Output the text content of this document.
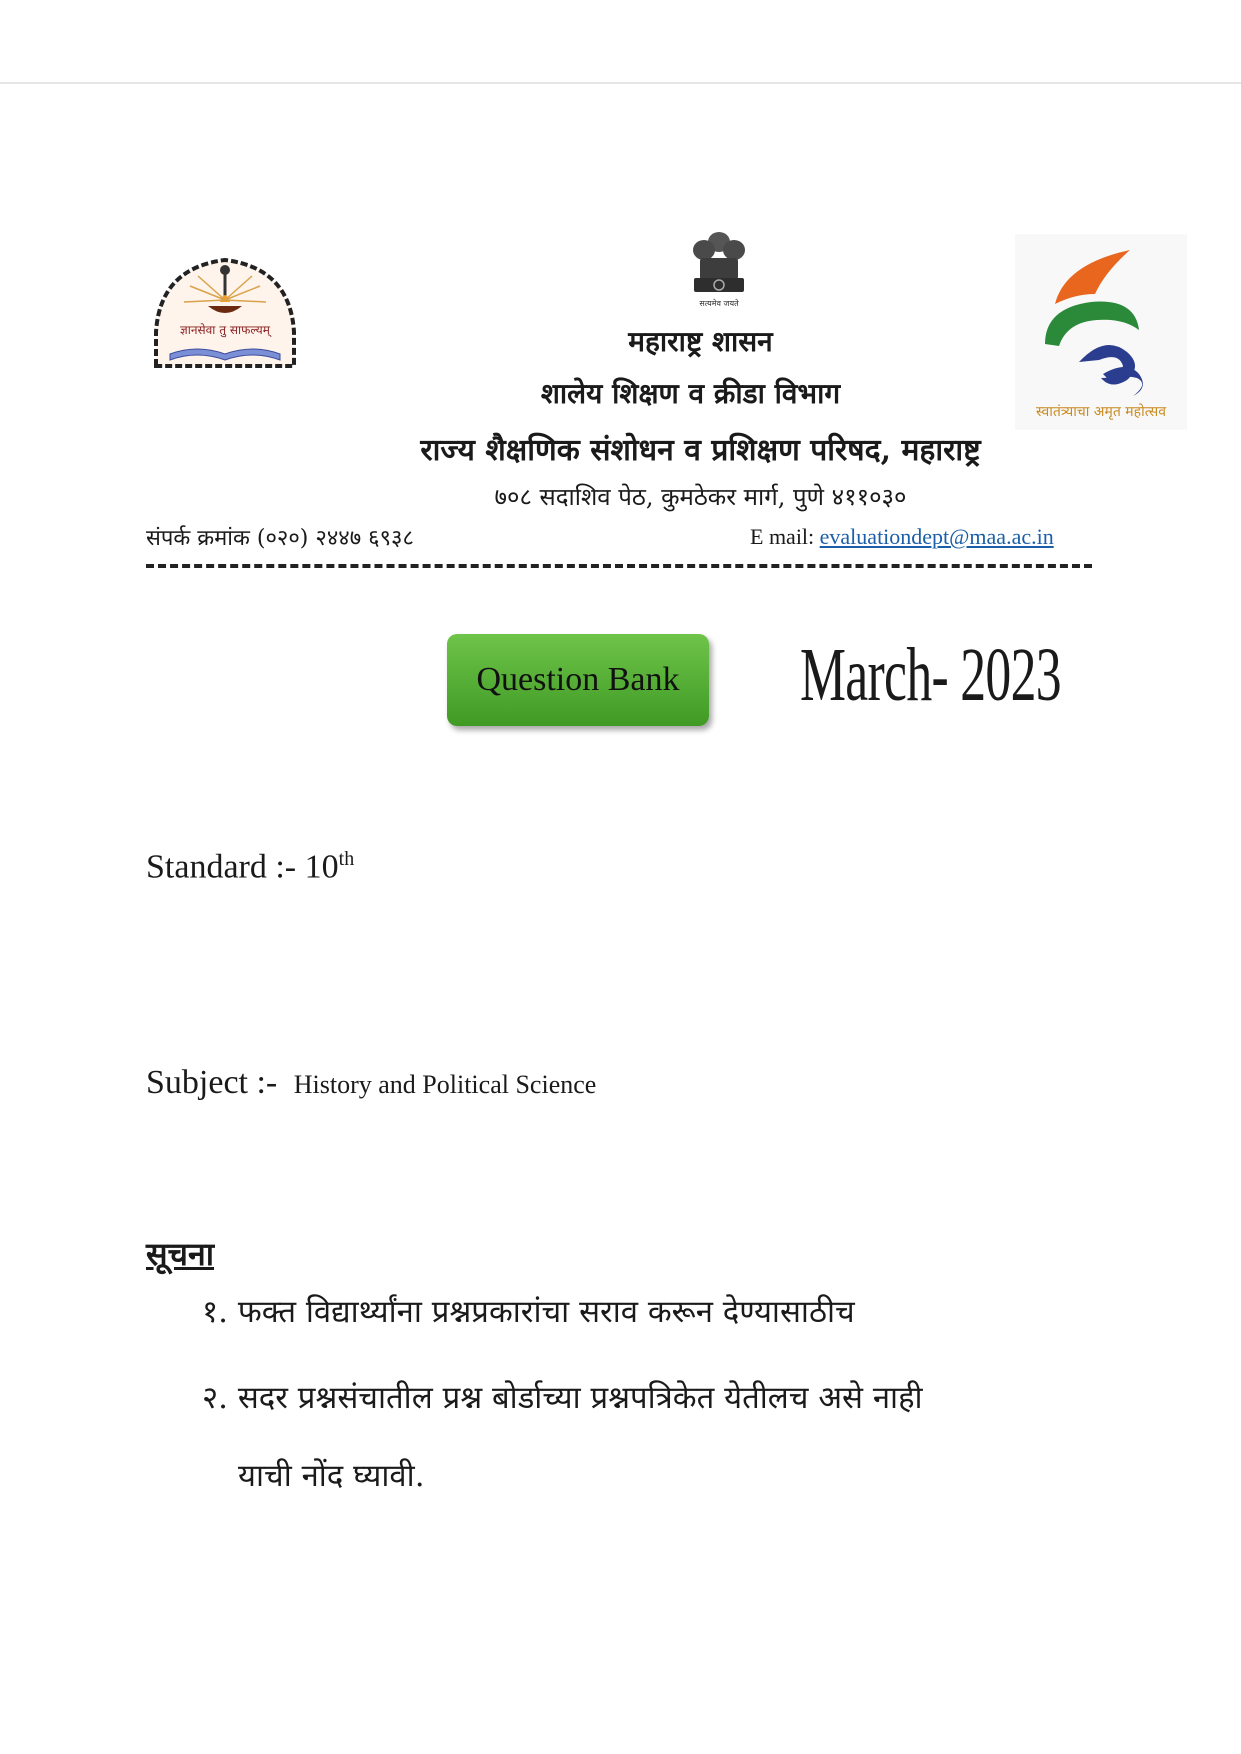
ज्ञानसेवा तु साफल्यम्
सत्यमेव जयते
स्वातंत्र्याचा अमृत महोत्सव
महाराष्ट्र शासन
शालेय शिक्षण व क्रीडा विभाग
राज्य शैक्षणिक संशोधन व प्रशिक्षण परिषद, महाराष्ट्र
७०८ सदाशिव पेठ, कुमठेकर मार्ग, पुणे ४११०३०
संपर्क क्रमांक (०२०) २४४७ ६९३८	E mail: evaluationdept@maa.ac.in
Question Bank	March- 2023
Standard :- 10th
Subject :- History and Political Science
सूचना
१. फक्त विद्यार्थ्यांना प्रश्नप्रकारांचा सराव करून देण्यासाठीच
२. सदर प्रश्नसंचातील प्रश्न बोर्डाच्या प्रश्नपत्रिकेत येतीलच असे नाही
याची नोंद घ्यावी.
